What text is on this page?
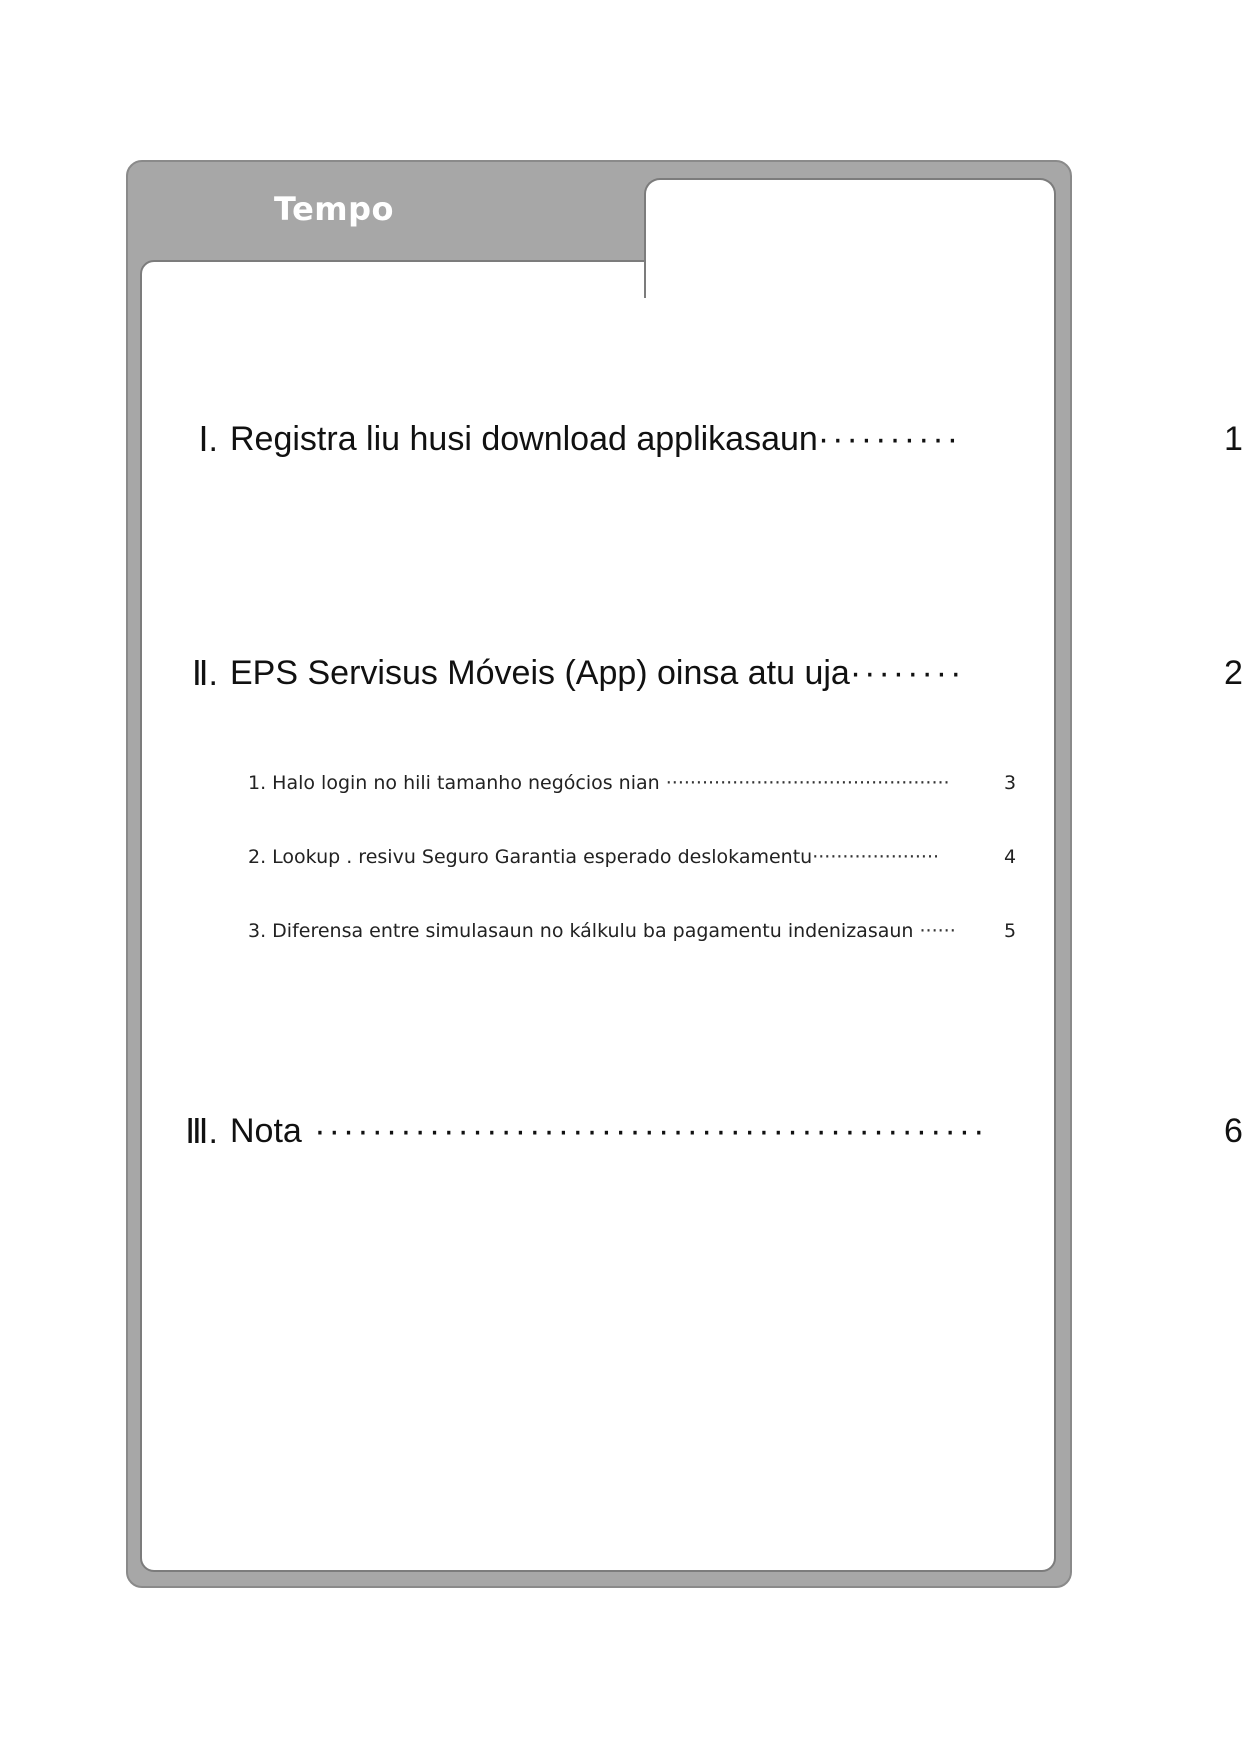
Tempo
Ⅰ. Registra liu husi download applikasaun··········	1
Ⅱ. EPS Servisus Móveis (App) oinsa atu uja········	2
1. Halo login no hili tamanho negócios nian ···············································	3
2. Lookup . resivu Seguro Garantia esperado deslokamentu·····················	4
3. Diferensa entre simulasaun no kálkulu ba pagamentu indenizasaun ······	5
Ⅲ. Nota ···············································	6
